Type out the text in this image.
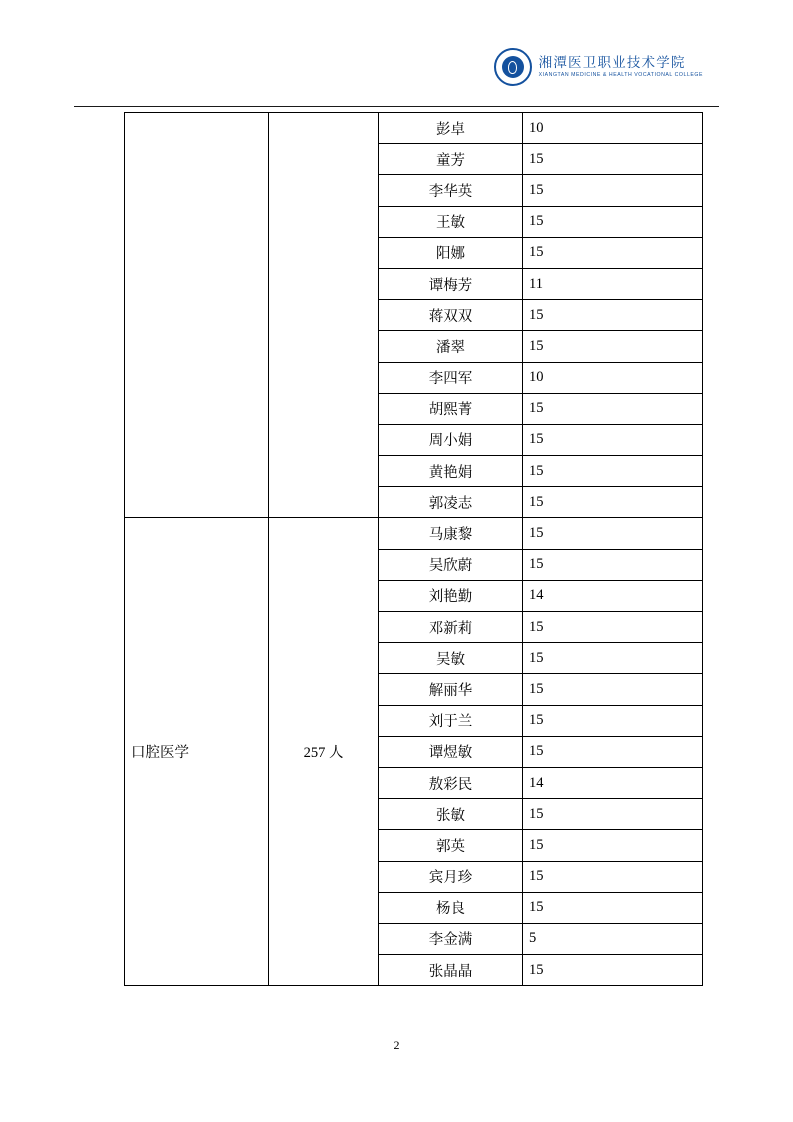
湘潭医卫职业技术学院
XIANGTAN MEDICINE & HEALTH VOCATIONAL COLLEGE
		彭卓	10
		童芳	15
		李华英	15
		王敏	15
		阳娜	15
		谭梅芳	11
		蒋双双	15
		潘翠	15
		李四军	10
		胡熙菁	15
		周小娟	15
		黄艳娟	15
		郭凌志	15
口腔医学	257 人	马康黎	15
		吴欣蔚	15
		刘艳勤	14
		邓新莉	15
		吴敏	15
		解丽华	15
		刘于兰	15
		谭煜敏	15
		敖彩民	14
		张敏	15
		郭英	15
		宾月珍	15
		杨良	15
		李金满	5
		张晶晶	15
2
